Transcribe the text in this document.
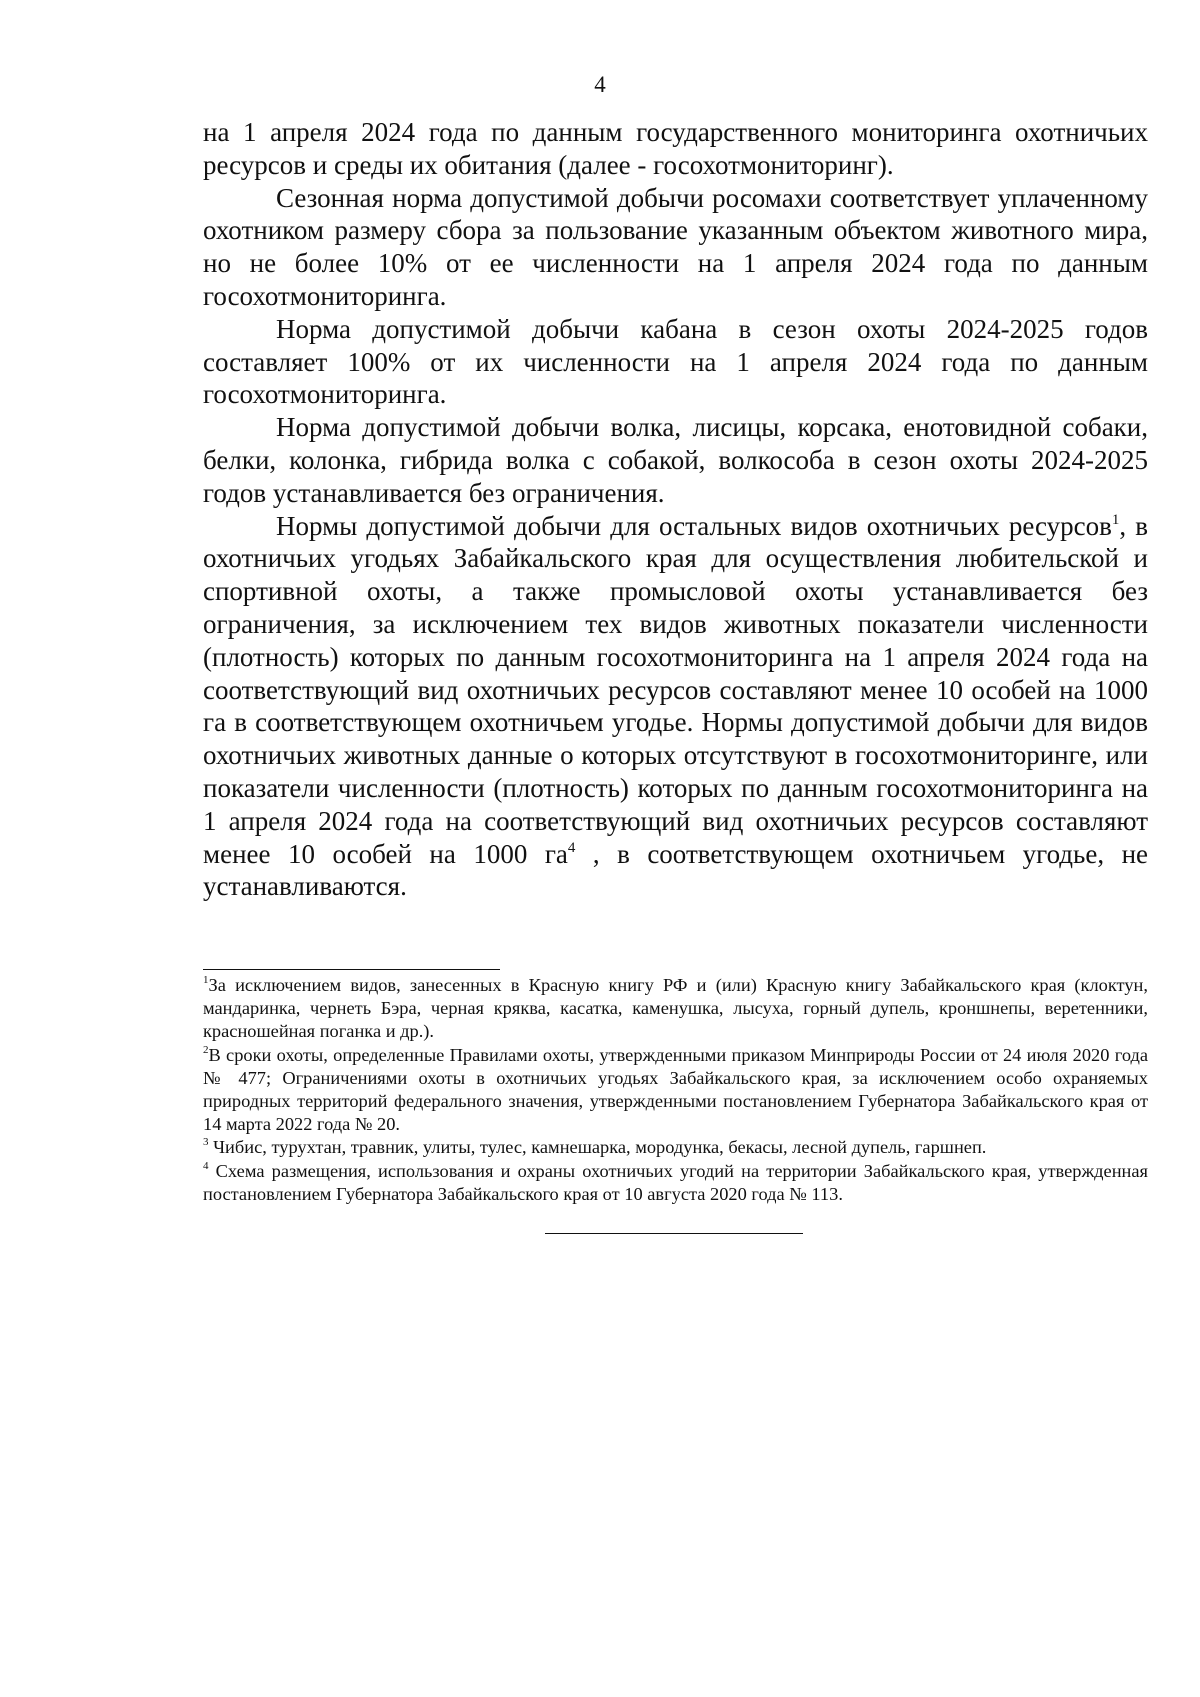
4

на 1 апреля 2024 года по данным государственного мониторинга охотничьих ресурсов и среды их обитания (далее - госохотмониторинг).

Сезонная норма допустимой добычи росомахи соответствует уплаченному охотником размеру сбора за пользование указанным объектом животного мира, но не более 10% от ее численности на 1 апреля 2024 года по данным госохотмониторинга.

Норма допустимой добычи кабана в сезон охоты 2024-2025 годов составляет 100% от их численности на 1 апреля 2024 года по данным госохотмониторинга.

Норма допустимой добычи волка, лисицы, корсака, енотовидной собаки, белки, колонка, гибрида волка с собакой, волкособа в сезон охоты 2024-2025 годов устанавливается без ограничения.

Нормы допустимой добычи для остальных видов охотничьих ресурсов$^1$, в охотничьих угодьях Забайкальского края для осуществления любительской и спортивной охоты, а также промысловой охоты устанавливается без ограничения, за исключением тех видов животных показатели численности (плотность) которых по данным госохотмониторинга на 1 апреля 2024 года на соответствующий вид охотничьих ресурсов составляют менее 10 особей на 1000 га в соответствующем охотничьем угодье. Нормы допустимой добычи для видов охотничьих животных данные о которых отсутствуют в госохотмониторинге, или показатели численности (плотность) которых по данным госохотмониторинга на 1 апреля 2024 года на соответствующий вид охотничьих ресурсов составляют менее 10 особей на 1000 $га^4$ , в соответствующем охотничьем угодье, не устанавливаются.

$^1$За исключением видов, занесенных в Красную книгу РФ и (или) Красную книгу Забайкальского края (клоктун, мандаринка, чернеть Бэра, черная кряква, касатка, каменушка, лысуха, горный дупель, кроншнепы, веретенники, красношейная поганка и др.).

$^2$В сроки охоты, определенные Правилами охоты, утвержденными приказом Минприроды России от 24 июля 2020 года № 477; Ограничениями охоты в охотничьих угодьях Забайкальского края, за исключением особо охраняемых природных территорий федерального значения, утвержденными постановлением Губернатора Забайкальского края от 14 марта 2022 года № 20.

$^3$ Чибис, турухтан, травник, улиты, тулес, камнешарка, мородунка, бекасы, лесной дупель, гаршнеп.

$^4$ Схема размещения, использования и охраны охотничьих угодий на территории Забайкальского края, утвержденная постановлением Губернатора Забайкальского края от 10 августа 2020 года № 113.
